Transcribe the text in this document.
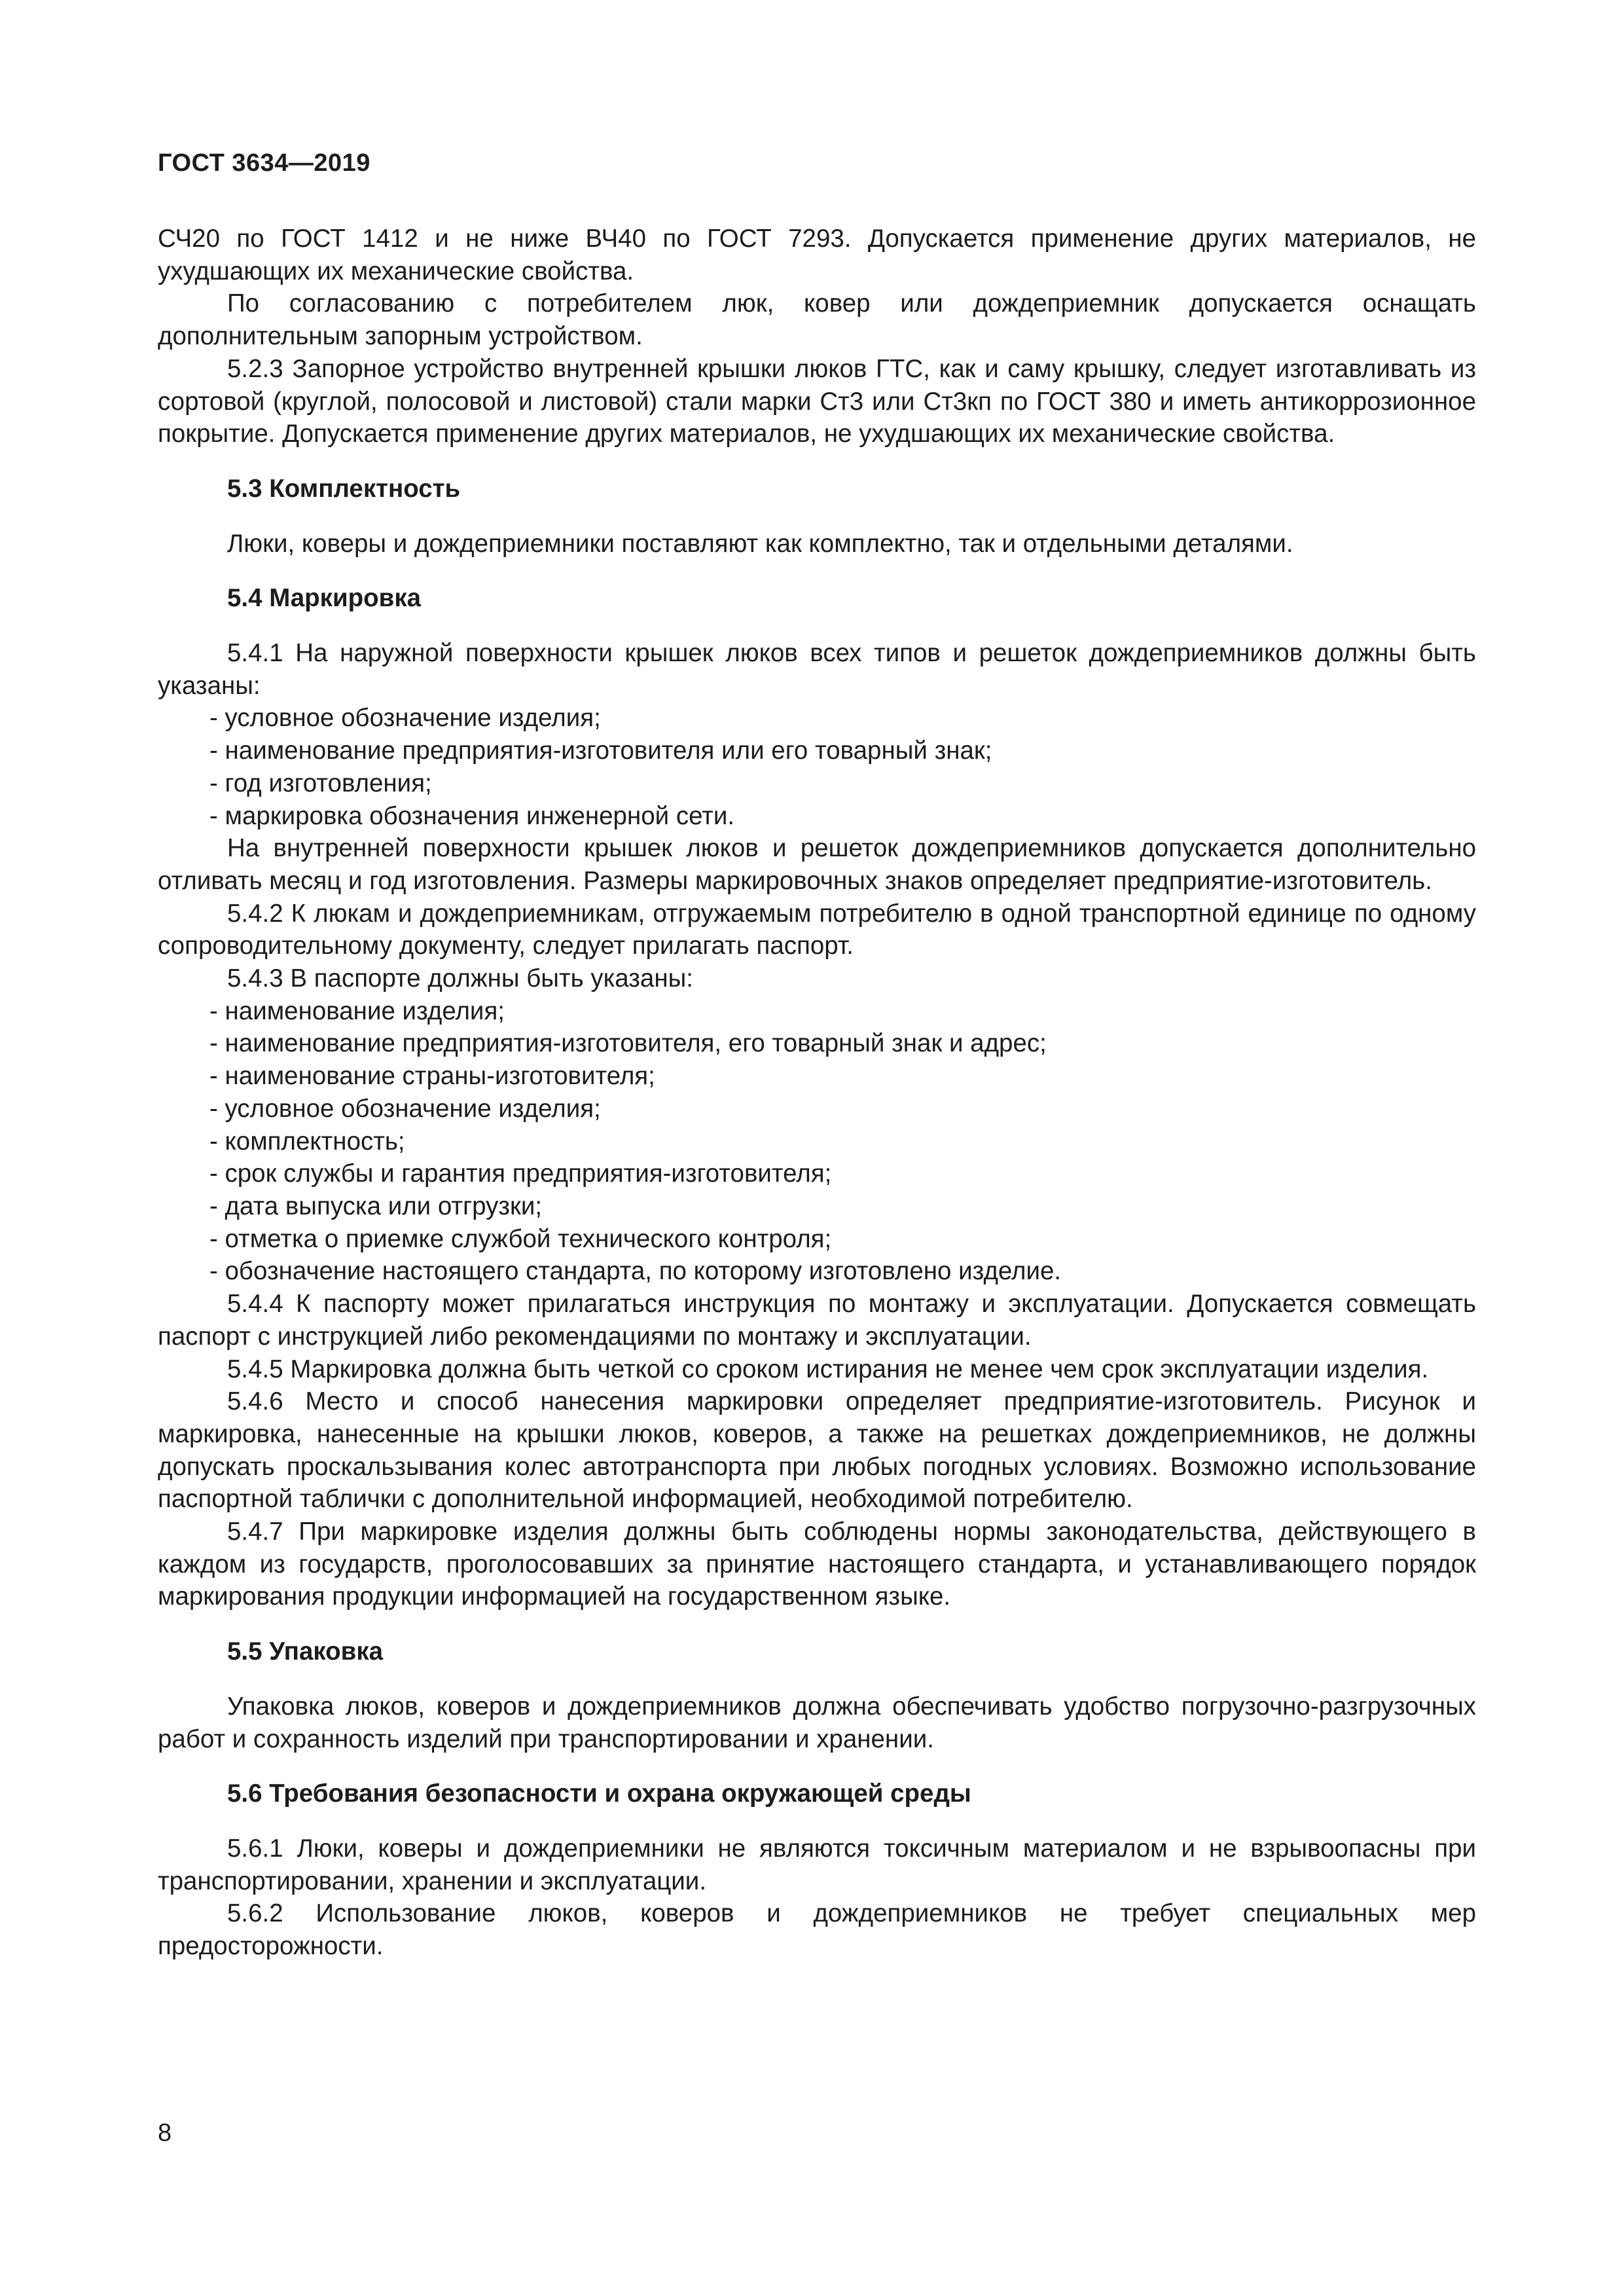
ГОСТ 3634—2019

СЧ20 по ГОСТ 1412 и не ниже ВЧ40 по ГОСТ 7293. Допускается применение других материалов, не ухудшающих их механические свойства.

По согласованию с потребителем люк, ковер или дождеприемник допускается оснащать дополнительным запорным устройством.

5.2.3 Запорное устройство внутренней крышки люков ГТС, как и саму крышку, следует изготавливать из сортовой (круглой, полосовой и листовой) стали марки Ст3 или Ст3кп по ГОСТ 380 и иметь антикоррозионное покрытие. Допускается применение других материалов, не ухудшающих их механические свойства.

5.3 Комплектность

Люки, коверы и дождеприемники поставляют как комплектно, так и отдельными деталями.

5.4 Маркировка

5.4.1 На наружной поверхности крышек люков всех типов и решеток дождеприемников должны быть указаны:

- условное обозначение изделия;

- наименование предприятия-изготовителя или его товарный знак;

- год изготовления;

- маркировка обозначения инженерной сети.

На внутренней поверхности крышек люков и решеток дождеприемников допускается дополнительно отливать месяц и год изготовления. Размеры маркировочных знаков определяет предприятие-изготовитель.

5.4.2 К люкам и дождеприемникам, отгружаемым потребителю в одной транспортной единице по одному сопроводительному документу, следует прилагать паспорт.

5.4.3 В паспорте должны быть указаны:

- наименование изделия;

- наименование предприятия-изготовителя, его товарный знак и адрес;

- наименование страны-изготовителя;

- условное обозначение изделия;

- комплектность;

- срок службы и гарантия предприятия-изготовителя;

- дата выпуска или отгрузки;

- отметка о приемке службой технического контроля;

- обозначение настоящего стандарта, по которому изготовлено изделие.

5.4.4 К паспорту может прилагаться инструкция по монтажу и эксплуатации. Допускается совмещать паспорт с инструкцией либо рекомендациями по монтажу и эксплуатации.

5.4.5 Маркировка должна быть четкой со сроком истирания не менее чем срок эксплуатации изделия.

5.4.6 Место и способ нанесения маркировки определяет предприятие-изготовитель. Рисунок и маркировка, нанесенные на крышки люков, коверов, а также на решетках дождеприемников, не должны допускать проскальзывания колес автотранспорта при любых погодных условиях. Возможно использование паспортной таблички с дополнительной информацией, необходимой потребителю.

5.4.7 При маркировке изделия должны быть соблюдены нормы законодательства, действующего в каждом из государств, проголосовавших за принятие настоящего стандарта, и устанавливающего порядок маркирования продукции информацией на государственном языке.

5.5 Упаковка

Упаковка люков, коверов и дождеприемников должна обеспечивать удобство погрузочно-разгрузочных работ и сохранность изделий при транспортировании и хранении.

5.6 Требования безопасности и охрана окружающей среды

5.6.1 Люки, коверы и дождеприемники не являются токсичным материалом и не взрывоопасны при транспортировании, хранении и эксплуатации.

5.6.2 Использование люков, коверов и дождеприемников не требует специальных мер предосторожности.

8
